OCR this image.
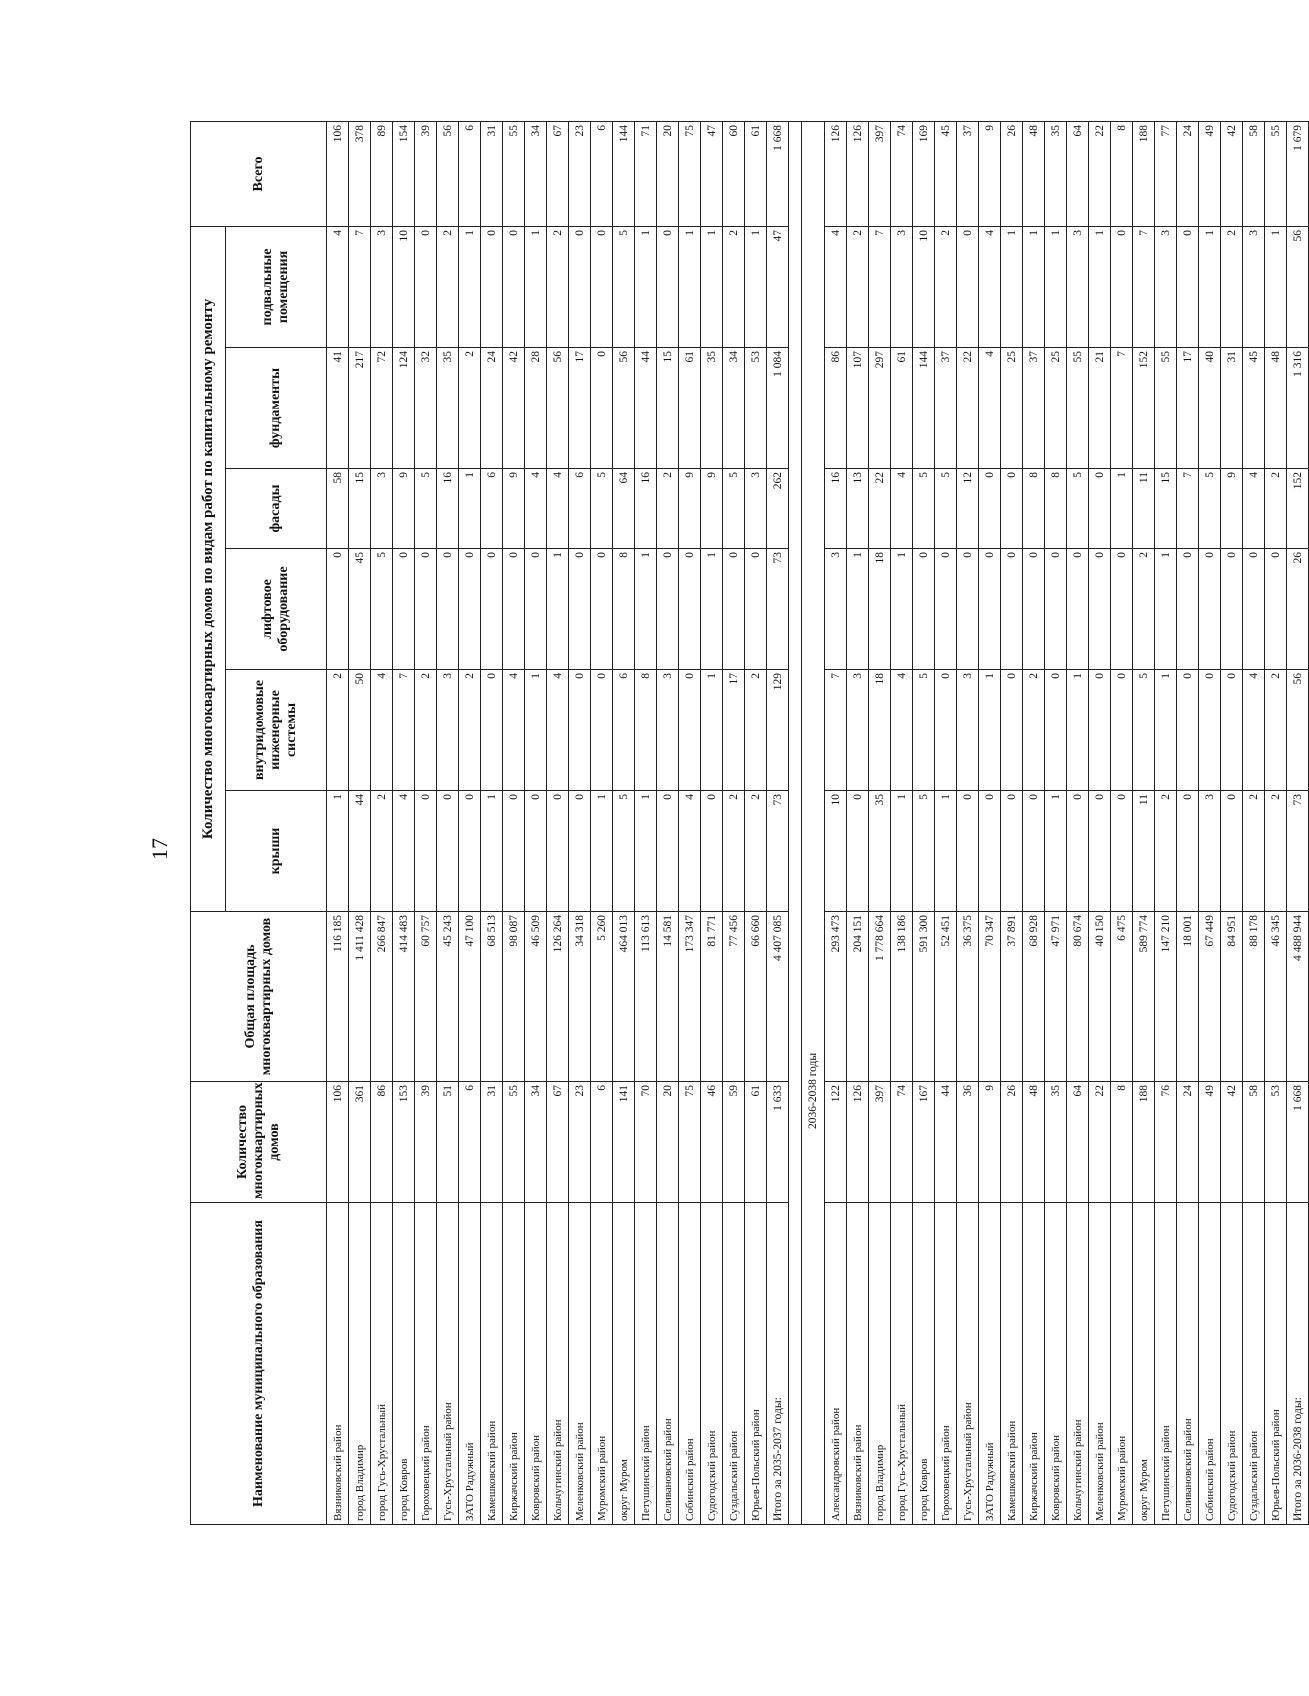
17
Наименование муниципального образования	Количество многоквартирных домов	Общая площадь многоквартирных домов	Количество многоквартирных домов по видам работ по капитальному ремонту						Всего
			крыши	внутридомовые инженерные системы	лифтовое оборудование	фасады	фундаменты	подвальные помещения	
Вязниковский район	106	116 185	1	2	0	58	41	4	106
город Владимир	361	1 411 428	44	50	45	15	217	7	378
город Гусь-Хрустальный	86	266 847	2	4	5	3	72	3	89
город Ковров	153	414 483	4	7	0	9	124	10	154
Гороховецкий район	39	60 757	0	2	0	5	32	0	39
Гусь-Хрустальный район	51	45 243	0	3	0	16	35	2	56
ЗАТО Радужный	6	47 100	0	2	0	1	2	1	6
Камешковский район	31	68 513	1	0	0	6	24	0	31
Киржачский район	55	98 087	0	4	0	9	42	0	55
Ковровский район	34	46 509	0	1	0	4	28	1	34
Кольчугинский район	67	126 264	0	4	1	4	56	2	67
Меленковский район	23	34 318	0	0	0	6	17	0	23
Муромский район	6	5 260	1	0	0	5	0	0	6
округ Муром	141	464 013	5	6	8	64	56	5	144
Петушинский район	70	113 613	1	8	1	16	44	1	71
Селивановский район	20	14 581	0	3	0	2	15	0	20
Собинский район	75	173 347	4	0	0	9	61	1	75
Судогодский район	46	81 771	0	1	1	9	35	1	47
Суздальский район	59	77 456	2	17	0	5	34	2	60
Юрьев-Польский район	61	66 660	2	2	0	3	53	1	61
Итого за 2035-2037 годы:	1 633	4 407 085	73	129	73	262	1 084	47	1 668

2036-2038 годы									
Александровский район	122	293 473	10	7	3	16	86	4	126
Вязниковский район	126	204 151	0	3	1	13	107	2	126
город Владимир	397	1 778 664	35	18	18	22	297	7	397
город Гусь-Хрустальный	74	138 186	1	4	1	4	61	3	74
город Ковров	167	591 300	5	5	0	5	144	10	169
Гороховецкий район	44	52 451	1	0	0	5	37	2	45
Гусь-Хрустальный район	36	36 375	0	3	0	12	22	0	37
ЗАТО Радужный	9	70 347	0	1	0	0	4	4	9
Камешковский район	26	37 891	0	0	0	0	25	1	26
Киржачский район	48	68 928	0	2	0	8	37	1	48
Ковровский район	35	47 971	1	0	0	8	25	1	35
Кольчугинский район	64	80 674	0	1	0	5	55	3	64
Меленковский район	22	40 150	0	0	0	0	21	1	22
Муромский район	8	6 475	0	0	0	1	7	0	8
округ Муром	188	589 774	11	5	2	11	152	7	188
Петушинский район	76	147 210	2	1	1	15	55	3	77
Селивановский район	24	18 001	0	0	0	7	17	0	24
Собинский район	49	67 449	3	0	0	5	40	1	49
Судогодский район	42	84 951	0	0	0	9	31	2	42
Суздальский район	58	88 178	2	4	0	4	45	3	58
Юрьев-Польский район	53	46 345	2	2	0	2	48	1	55
Итого за 2036-2038 годы:	1 668	4 488 944	73	56	26	152	1 316	56	1 679
